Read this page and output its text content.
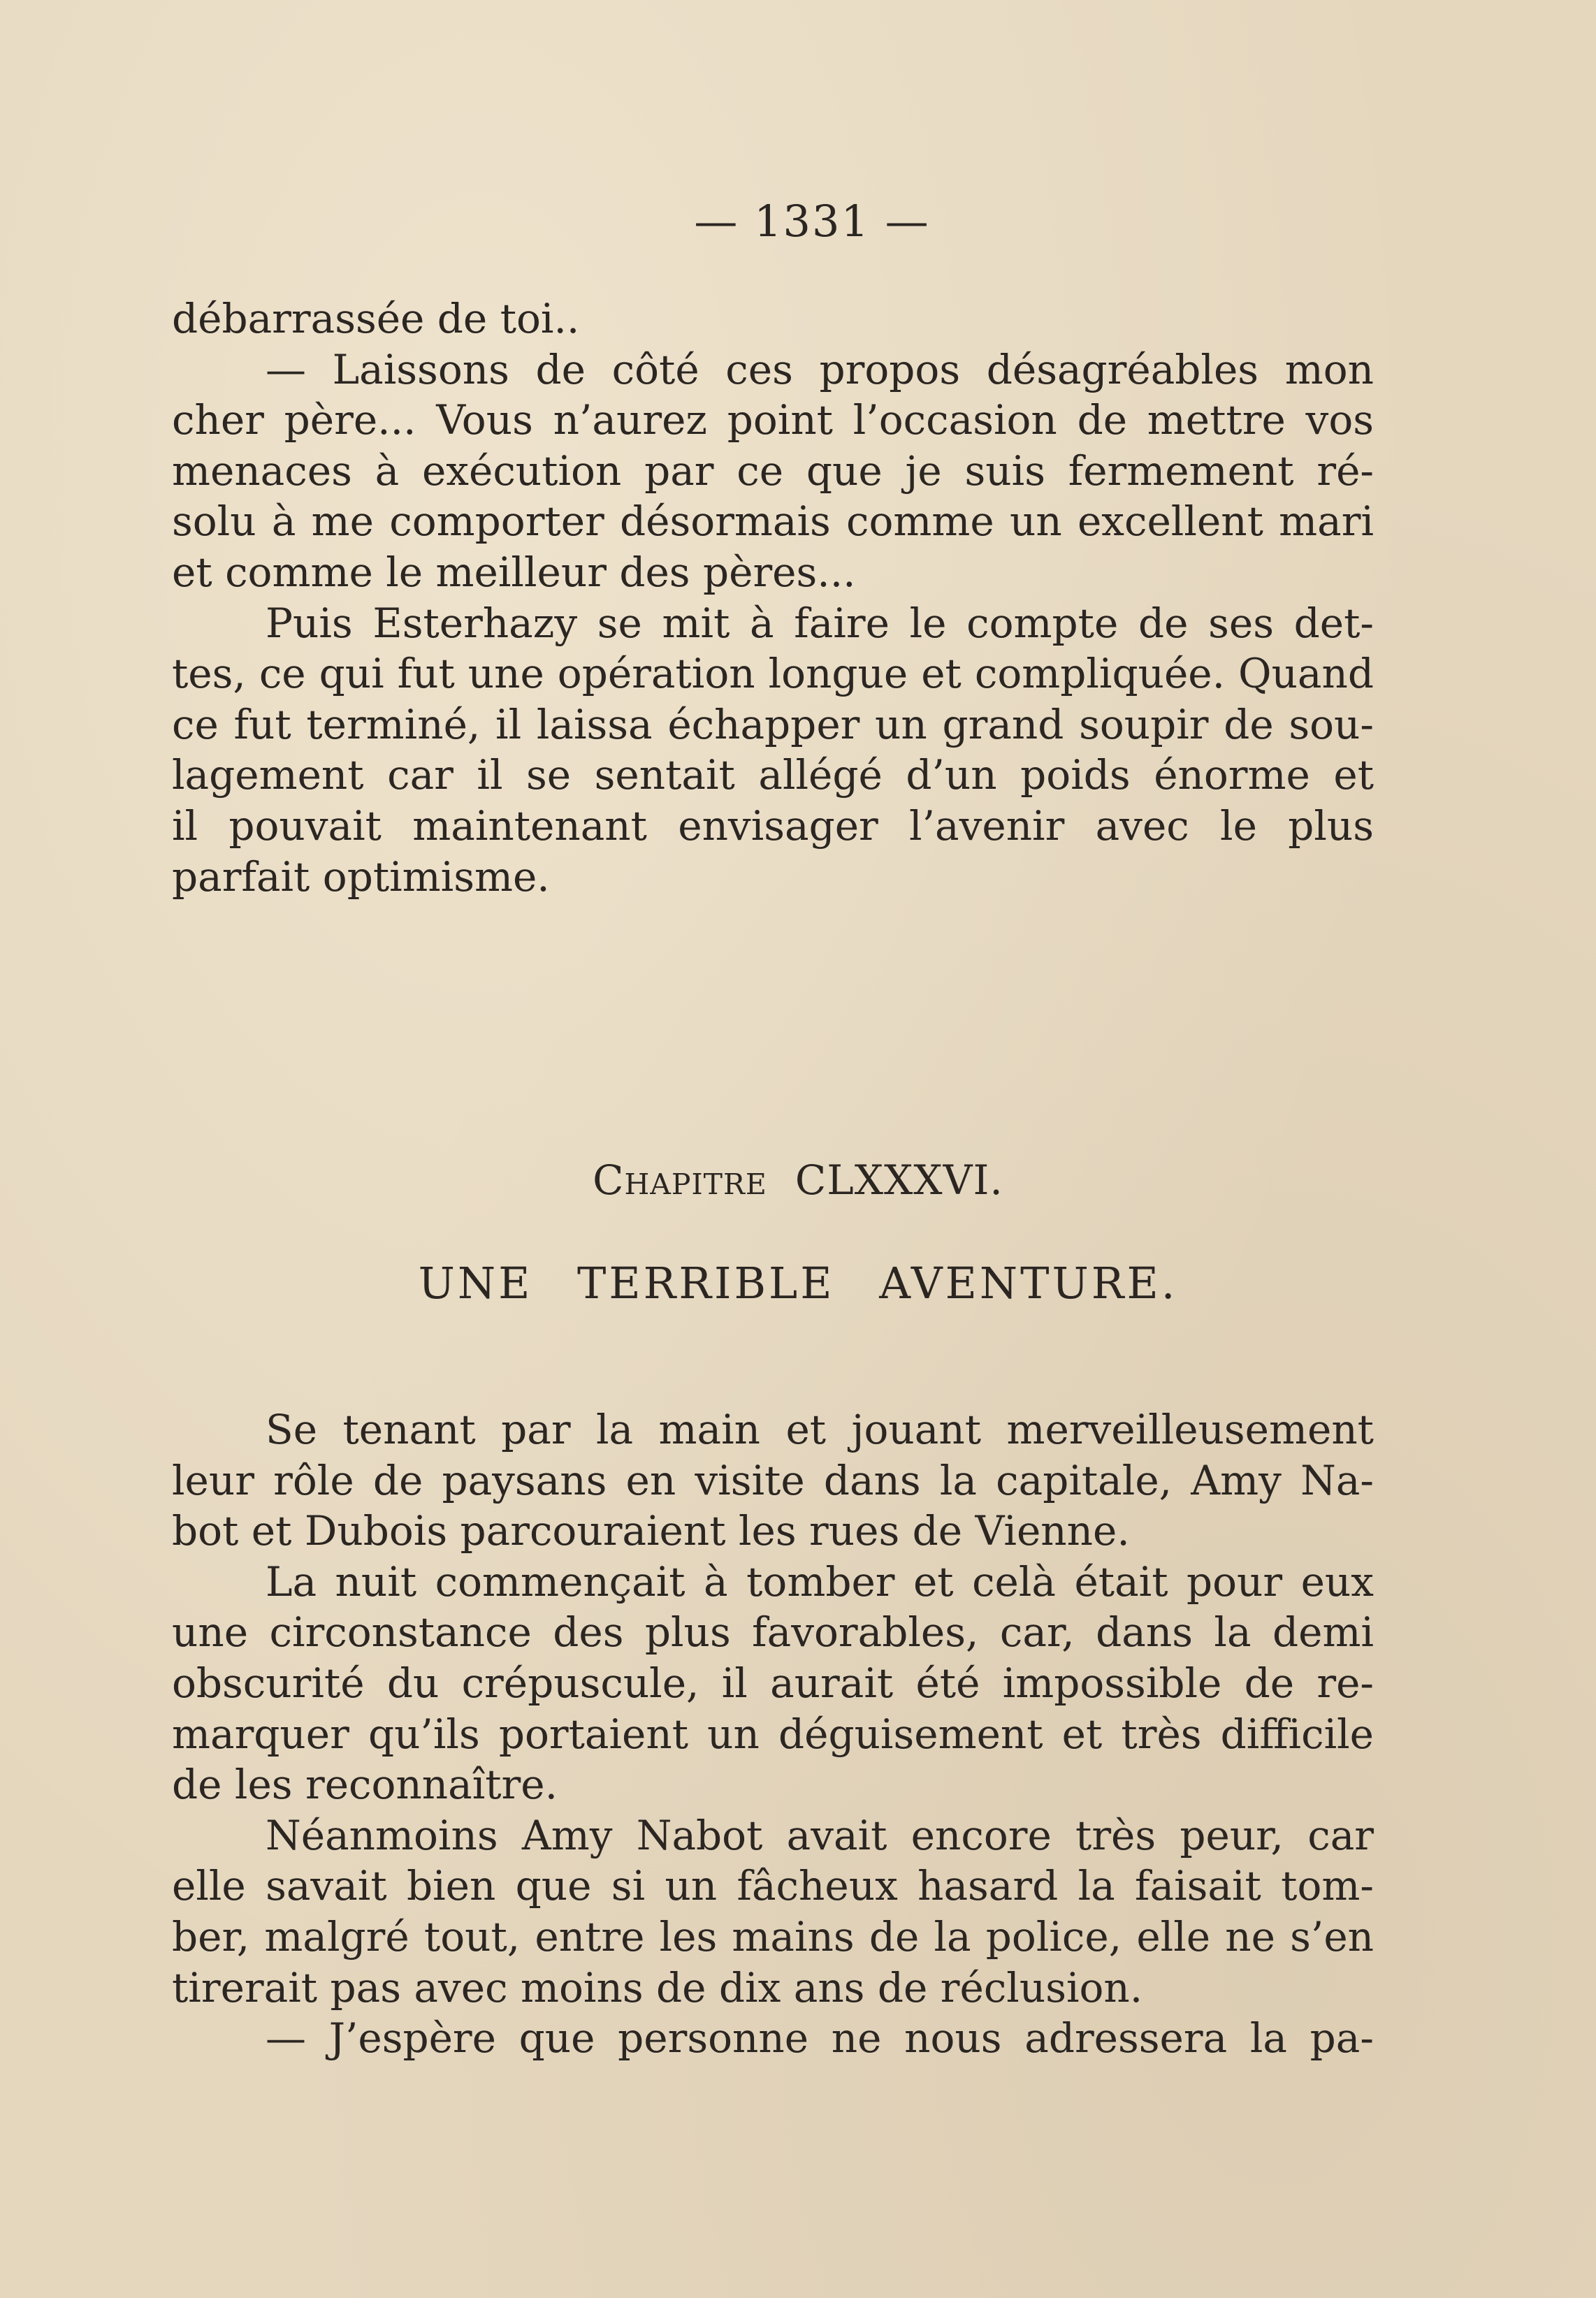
— 1331 —
débarrassée de toi..
— Laissons de côté ces propos désagréables mon
cher père... Vous n’aurez point l’occasion de mettre vos
menaces à exécution par ce que je suis fermement ré-
solu à me comporter désormais comme un excellent mari
et comme le meilleur des pères...
Puis Esterhazy se mit à faire le compte de ses det-
tes, ce qui fut une opération longue et compliquée. Quand
ce fut terminé, il laissa échapper un grand soupir de sou-
lagement car il se sentait allégé d’un poids énorme et
il pouvait maintenant envisager l’avenir avec le plus
parfait optimisme.
Chapitre CLXXXVI.
UNE TERRIBLE AVENTURE.
Se tenant par la main et jouant merveilleusement
leur rôle de paysans en visite dans la capitale, Amy Na-
bot et Dubois parcouraient les rues de Vienne.
La nuit commençait à tomber et celà était pour eux
une circonstance des plus favorables, car, dans la demi
obscurité du crépuscule, il aurait été impossible de re-
marquer qu’ils portaient un déguisement et très difficile
de les reconnaître.
Néanmoins Amy Nabot avait encore très peur, car
elle savait bien que si un fâcheux hasard la faisait tom-
ber, malgré tout, entre les mains de la police, elle ne s’en
tirerait pas avec moins de dix ans de réclusion.
— J’espère que personne ne nous adressera la pa-
